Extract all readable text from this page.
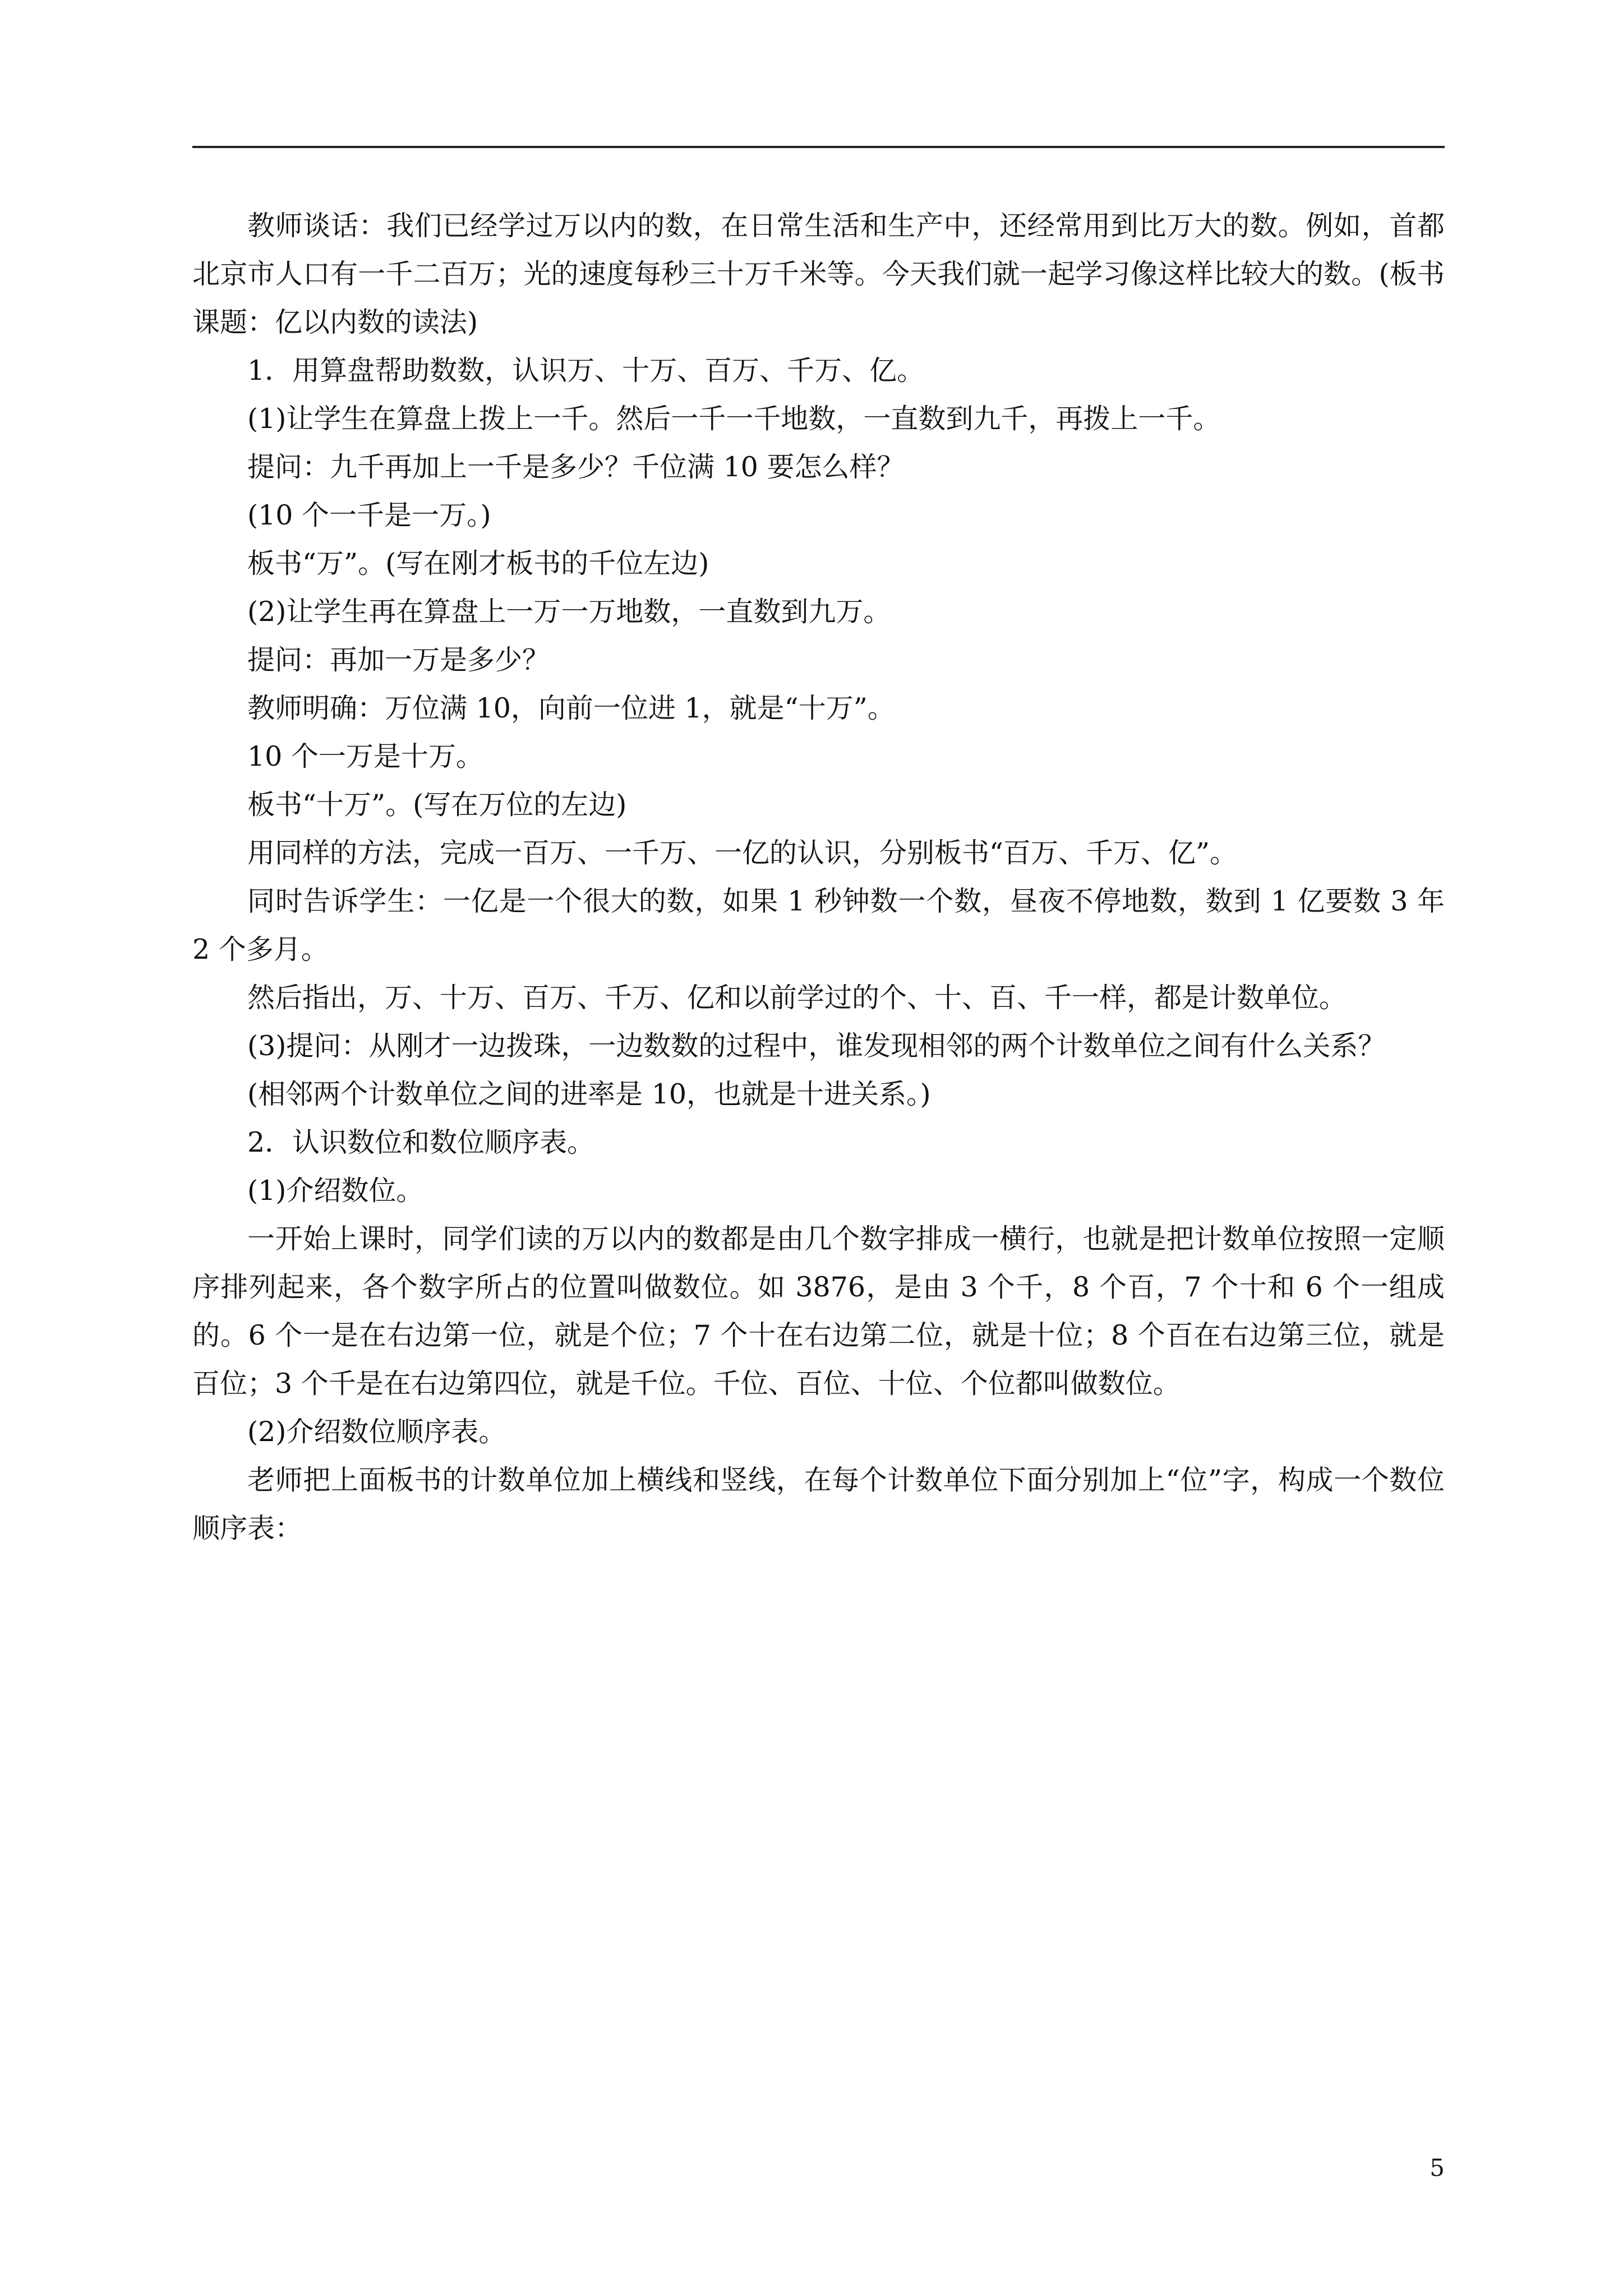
教师谈话：我们已经学过万以内的数，在日常生活和生产中，还经常用到比万大的数。例如，首都北京市人口有一千二百万；光的速度每秒三十万千米等。今天我们就一起学习像这样比较大的数。(板书课题：亿以内数的读法)

1．用算盘帮助数数，认识万、十万、百万、千万、亿。

(1)让学生在算盘上拨上一千。然后一千一千地数，一直数到九千，再拨上一千。

提问：九千再加上一千是多少？千位满 10 要怎么样？

(10 个一千是一万。)

板书“万”。(写在刚才板书的千位左边)

(2)让学生再在算盘上一万一万地数，一直数到九万。

提问：再加一万是多少？

教师明确：万位满 10，向前一位进 1，就是“十万”。

10 个一万是十万。

板书“十万”。(写在万位的左边)

用同样的方法，完成一百万、一千万、一亿的认识，分别板书“百万、千万、亿”。

同时告诉学生：一亿是一个很大的数，如果 1 秒钟数一个数，昼夜不停地数，数到 1 亿要数 3 年 2 个多月。

然后指出，万、十万、百万、千万、亿和以前学过的个、十、百、千一样，都是计数单位。

(3)提问：从刚才一边拨珠，一边数数的过程中，谁发现相邻的两个计数单位之间有什么关系？

(相邻两个计数单位之间的进率是 10，也就是十进关系。)

2．认识数位和数位顺序表。

(1)介绍数位。

一开始上课时，同学们读的万以内的数都是由几个数字排成一横行，也就是把计数单位按照一定顺序排列起来，各个数字所占的位置叫做数位。如 3876，是由 3 个千，8 个百，7 个十和 6 个一组成的。6 个一是在右边第一位，就是个位；7 个十在右边第二位，就是十位；8 个百在右边第三位，就是百位；3 个千是在右边第四位，就是千位。千位、百位、十位、个位都叫做数位。

(2)介绍数位顺序表。

老师把上面板书的计数单位加上横线和竖线，在每个计数单位下面分别加上“位”字，构成一个数位顺序表：

5
